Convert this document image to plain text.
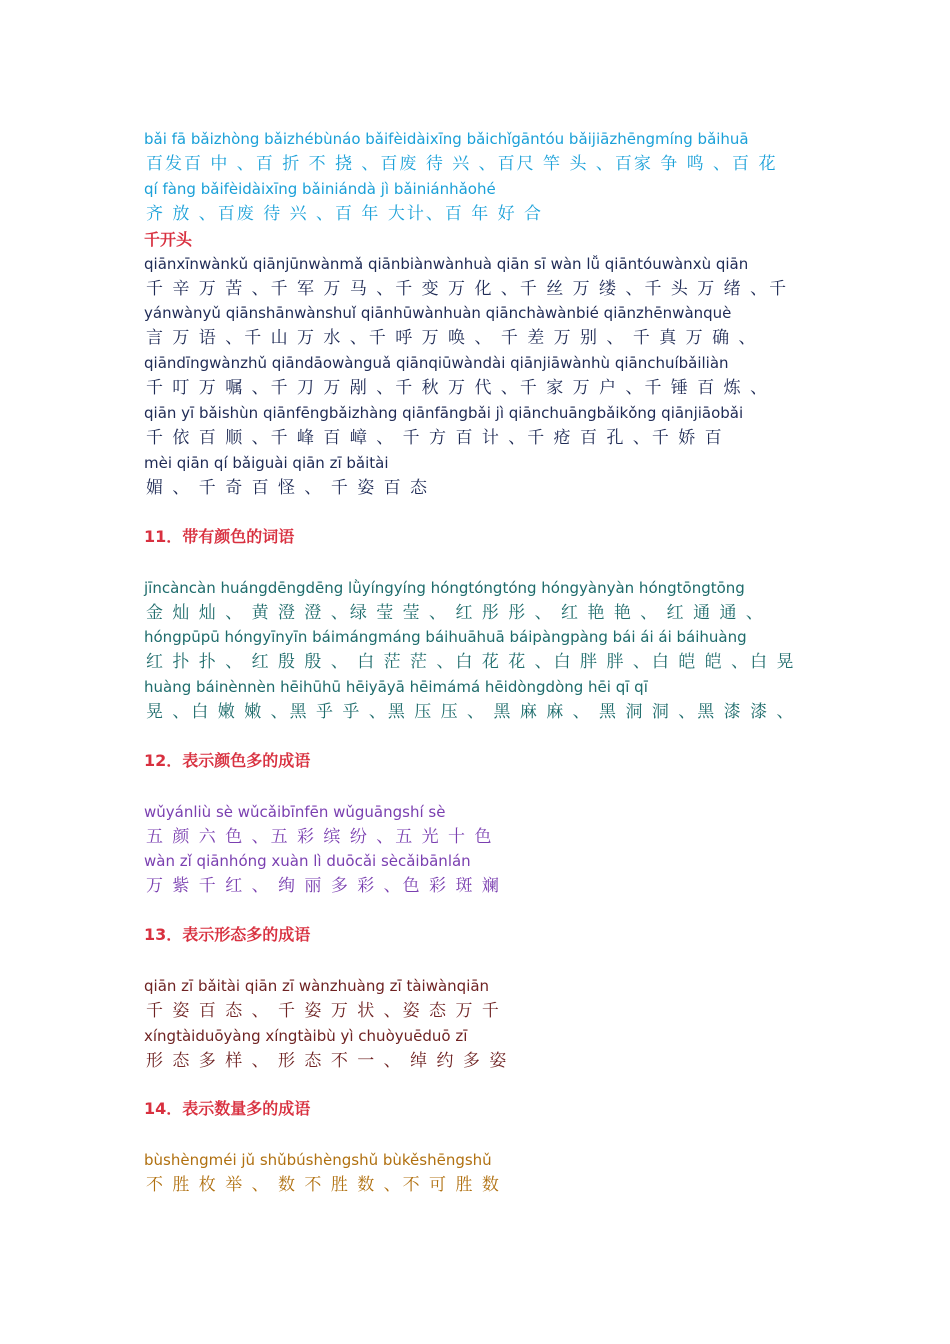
bǎi fā bǎizhòng bǎizhébùnáo bǎifèidàixīng bǎichǐgāntóu bǎijiāzhēngmíng bǎihuā
百发百 中 、百 折 不 挠 、百废 待 兴 、百尺 竿 头 、百家 争 鸣 、百 花
qí fàng bǎifèidàixīng bǎiniándà jì bǎiniánhǎohé
齐 放 、百废 待 兴 、百 年 大计、百 年 好 合
千开头
qiānxīnwànkǔ qiānjūnwànmǎ qiānbiànwànhuà qiān sī wàn lǚ qiāntóuwànxù qiān
千 辛 万 苦 、千 军 万 马 、千 变 万 化 、千 丝 万 缕 、千 头 万 绪 、千
yánwànyǔ qiānshānwànshuǐ qiānhūwànhuàn qiānchàwànbié qiānzhēnwànquè
言 万 语 、千 山 万 水 、千 呼 万 唤 、 千 差 万 别 、 千 真 万 确 、
qiāndīngwànzhǔ qiāndāowànguǎ qiānqiūwàndài qiānjiāwànhù qiānchuíbǎiliàn
千 叮 万 嘱 、千 刀 万 剐 、千 秋 万 代 、千 家 万 户 、千 锤 百 炼 、
qiān yī bǎishùn qiānfēngbǎizhàng qiānfāngbǎi jì qiānchuāngbǎikǒng qiānjiāobǎi
千 依 百 顺 、千 峰 百 嶂 、 千 方 百 计 、千 疮 百 孔 、千 娇 百
mèi qiān qí bǎiguài qiān zī bǎitài
媚 、 千 奇 百 怪 、 千 姿 百 态
11．带有颜色的词语
jīncàncàn huángdēngdēng lǜyíngyíng hóngtóngtóng hóngyànyàn hóngtōngtōng
金 灿 灿 、 黄 澄 澄 、绿 莹 莹 、 红 彤 彤 、 红 艳 艳 、 红 通 通 、
hóngpūpū hóngyīnyīn báimángmáng báihuāhuā báipàngpàng bái ái ái báihuàng
红 扑 扑 、 红 殷 殷 、 白 茫 茫 、白 花 花 、白 胖 胖 、白 皑 皑 、白 晃
huàng báinènnèn hēihūhū hēiyāyā hēimámá hēidòngdòng hēi qī qī
晃 、白 嫩 嫩 、黑 乎 乎 、黑 压 压 、 黑 麻 麻 、 黑 洞 洞 、黑 漆 漆 、
12．表示颜色多的成语
wǔyánliù sè wǔcǎibīnfēn wǔguāngshí sè
五 颜 六 色 、五 彩 缤 纷 、五 光 十 色
wàn zǐ qiānhóng xuàn lì duōcǎi sècǎibānlán
万 紫 千 红 、 绚 丽 多 彩 、色 彩 斑 斓
13．表示形态多的成语
qiān zī bǎitài qiān zī wànzhuàng zī tàiwànqiān
千 姿 百 态 、 千 姿 万 状 、姿 态 万 千
xíngtàiduōyàng xíngtàibù yì chuòyuēduō zī
形 态 多 样 、 形 态 不 一 、 绰 约 多 姿
14．表示数量多的成语
bùshèngméi jǔ shǔbúshèngshǔ bùkěshēngshǔ
不 胜 枚 举 、 数 不 胜 数 、不 可 胜 数
